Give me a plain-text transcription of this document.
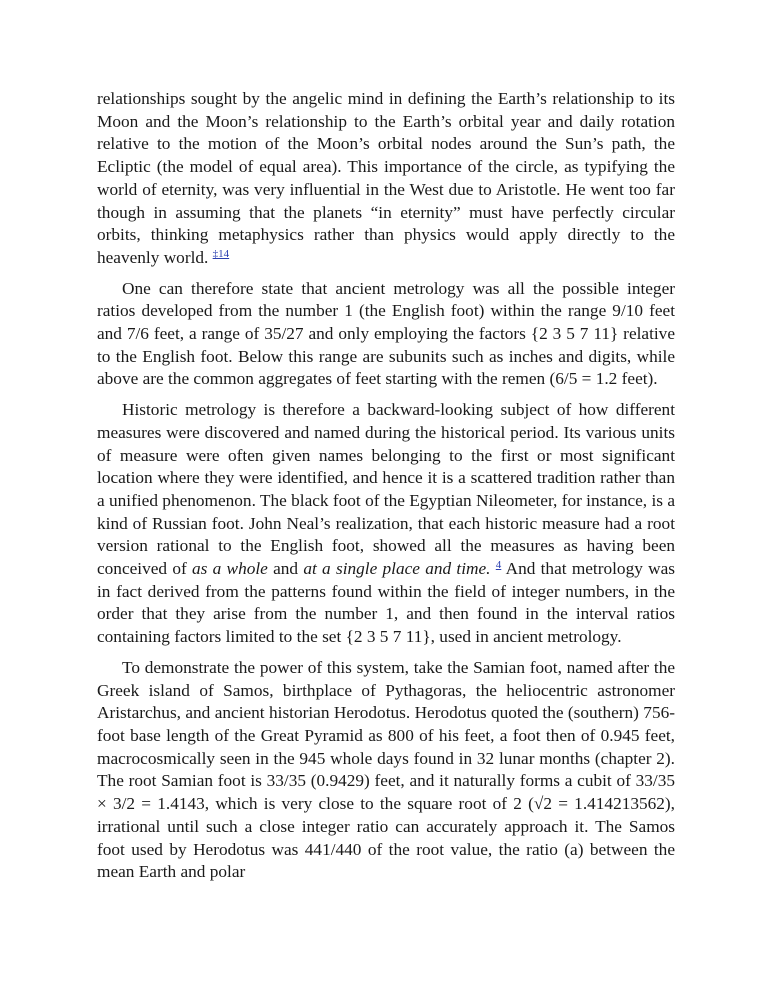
relationships sought by the angelic mind in defining the Earth’s relationship to its Moon and the Moon’s relationship to the Earth’s orbital year and daily rotation relative to the motion of the Moon’s orbital nodes around the Sun’s path, the Ecliptic (the model of equal area). This importance of the circle, as typifying the world of eternity, was very influential in the West due to Aristotle. He went too far though in assuming that the planets “in eternity” must have perfectly circular orbits, thinking metaphysics rather than physics would apply directly to the heavenly world. $^{\ddagger 14}$

One can therefore state that ancient metrology was all the possible integer ratios developed from the number 1 (the English foot) within the range 9/10 feet and 7/6 feet, a range of 35/27 and only employing the factors {2 3 5 7 11} relative to the English foot. Below this range are subunits such as inches and digits, while above are the common aggregates of feet starting with the remen (6/5 = 1.2 feet).

Historic metrology is therefore a backward-looking subject of how different measures were discovered and named during the historical period. Its various units of measure were often given names belonging to the first or most significant location where they were identified, and hence it is a scattered tradition rather than a unified phenomenon. The black foot of the Egyptian Nileometer, for instance, is a kind of Russian foot. John Neal’s realization, that each historic measure had a root version rational to the English foot, showed all the measures as having been conceived of as a whole and at a single place and time. $^4$ And that metrology was in fact derived from the patterns found within the field of integer numbers, in the order that they arise from the number 1, and then found in the interval ratios containing factors limited to the set {2 3 5 7 11}, used in ancient metrology.

To demonstrate the power of this system, take the Samian foot, named after the Greek island of Samos, birthplace of Pythagoras, the heliocentric astronomer Aristarchus, and ancient historian Herodotus. Herodotus quoted the (southern) 756-foot base length of the Great Pyramid as 800 of his feet, a foot then of 0.945 feet, macrocosmically seen in the 945 whole days found in 32 lunar months (chapter 2). The root Samian foot is 33/35 (0.9429) feet, and it naturally forms a cubit of 33/35 × 3/2 = 1.4143, which is very close to the square root of 2 (√2 = 1.414213562), irrational until such a close integer ratio can accurately approach it. The Samos foot used by Herodotus was 441/440 of the root value, the ratio (a) between the mean Earth and polar
